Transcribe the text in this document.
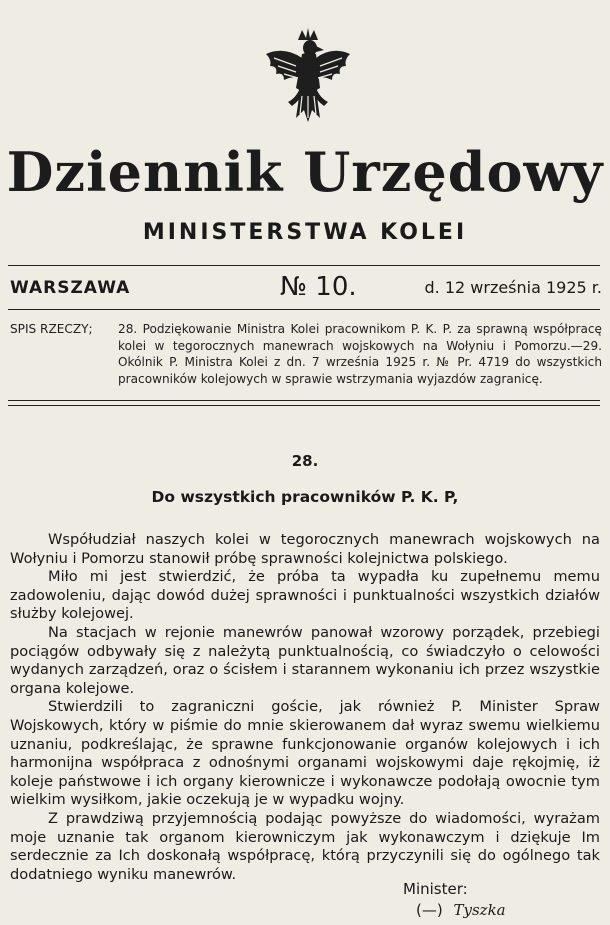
Dziennik Urzędowy
MINISTERSTWA KOLEI
WARSZAWA	№ 10.	d. 12 września 1925 r.
SPIS RZECZY; 28. Podziękowanie Ministra Kolei pracownikom P. K. P. za sprawną współpracę kolei w tegorocznych manewrach wojskowych na Wołyniu i Pomorzu.—29. Okólnik P. Ministra Kolei z dn. 7 września 1925 r. № Pr. 4719 do wszystkich pracowników kolejowych w sprawie wstrzymania wyjazdów zagranicę.
28.
Do wszystkich pracowników P. K. P,

Współudział naszych kolei w tegorocznych manewrach wojskowych na Wołyniu i Pomorzu stanowił próbę sprawności kolejnictwa polskiego.

Miło mi jest stwierdzić, że próba ta wypadła ku zupełnemu memu zadowoleniu, dając dowód dużej sprawności i punktualności wszystkich działów służby kolejowej.

Na stacjach w rejonie manewrów panował wzorowy porządek, przebiegi pociągów odbywały się z należytą punktualnością, co świadczyło o celowości wydanych zarządzeń, oraz o ścisłem i starannem wykonaniu ich przez wszystkie organa kolejowe.

Stwierdzili to zagraniczni goście, jak również P. Minister Spraw Wojskowych, który w piśmie do mnie skierowanem dał wyraz swemu wielkiemu uznaniu, podkreślając, że sprawne funkcjonowanie organów kolejowych i ich harmonijna współpraca z odnośnymi organami wojskowymi daje rękojmię, iż koleje państwowe i ich organy kierownicze i wykonawcze podołają owocnie tym wielkim wysiłkom, jakie oczekują je w wypadku wojny.

Z prawdziwą przyjemnością podając powyższe do wiadomości, wyrażam moje uznanie tak organom kierowniczym jak wykonawczym i dziękuje Im serdecznie za Ich doskonałą współpracę, którą przyczynili się do ogólnego tak dodatniego wyniku manewrów.

Minister:
(—) Tyszka
